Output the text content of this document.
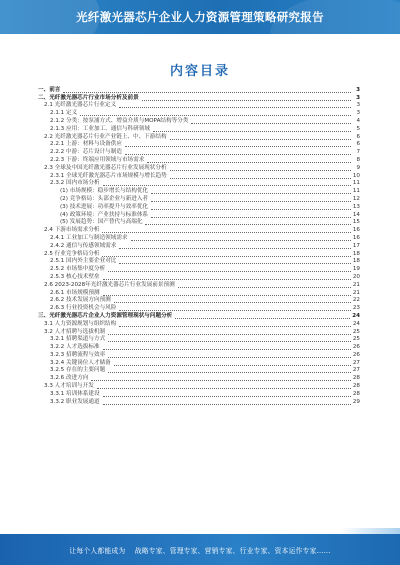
光纤激光器芯片企业人力资源管理策略研究报告
内容目录
一、前言	3
二、光纤激光器芯片行业市场分析及前景	3
2.1 光纤激光器芯片行业定义	3
2.1.1 定义	3
2.1.2 分类：按泵浦方式、增益介质与MOPA结构等分类	4
2.1.3 应用：工业加工、通信与科研领域	5
2.2 光纤激光器芯片行业产业链上、中、下游结构	6
2.2.1 上游：材料与设备供应	6
2.2.2 中游：芯片设计与制造	7
2.2.3 下游：终端应用领域与市场需求	8
2.3 全球及中国光纤激光器芯片行业发展现状分析	9
2.3.1 全球光纤激光器芯片市场规模与增长趋势	10
2.3.2 国内市场分析	11
(1) 市场规模：稳步增长与结构优化	11
(2) 竞争格局：头部企业与新进入者	12
(3) 技术进展：功率提升与效率优化	13
(4) 政策环境：产业扶持与标准体系	14
(5) 发展趋势：国产替代与高端化	15
2.4 下游市场需求分析	16
2.4.1 工业加工与制造领域需求	16
2.4.2 通信与传感领域需求	17
2.5 行业竞争格局分析	18
2.5.1 国内外主要企业对比	18
2.5.2 市场集中度分析	19
2.5.3 核心技术壁垒	20
2.6 2023-2028年光纤激光器芯片行业发展前景预测	21
2.6.1 市场规模预测	21
2.6.2 技术发展方向预测	22
2.6.3 行业投资机会与风险	23
三、光纤激光器芯片企业人力资源管理现状与问题分析	24
3.1 人力资源规划与组织结构	24
3.2 人才招聘与选拔机制	25
3.2.1 招聘渠道与方式	25
3.2.2 人才选拔标准	26
3.2.3 招聘流程与效率	26
3.2.4 关键岗位人才储备	27
3.2.5 存在的主要问题	27
3.2.6 改进方向	28
3.3 人才培训与开发	28
3.3.1 培训体系建设	28
3.3.2 职业发展通道	29
让每个人都能成为　 战略专家、管理专家、营销专家、行业专家、资本运作专家……
